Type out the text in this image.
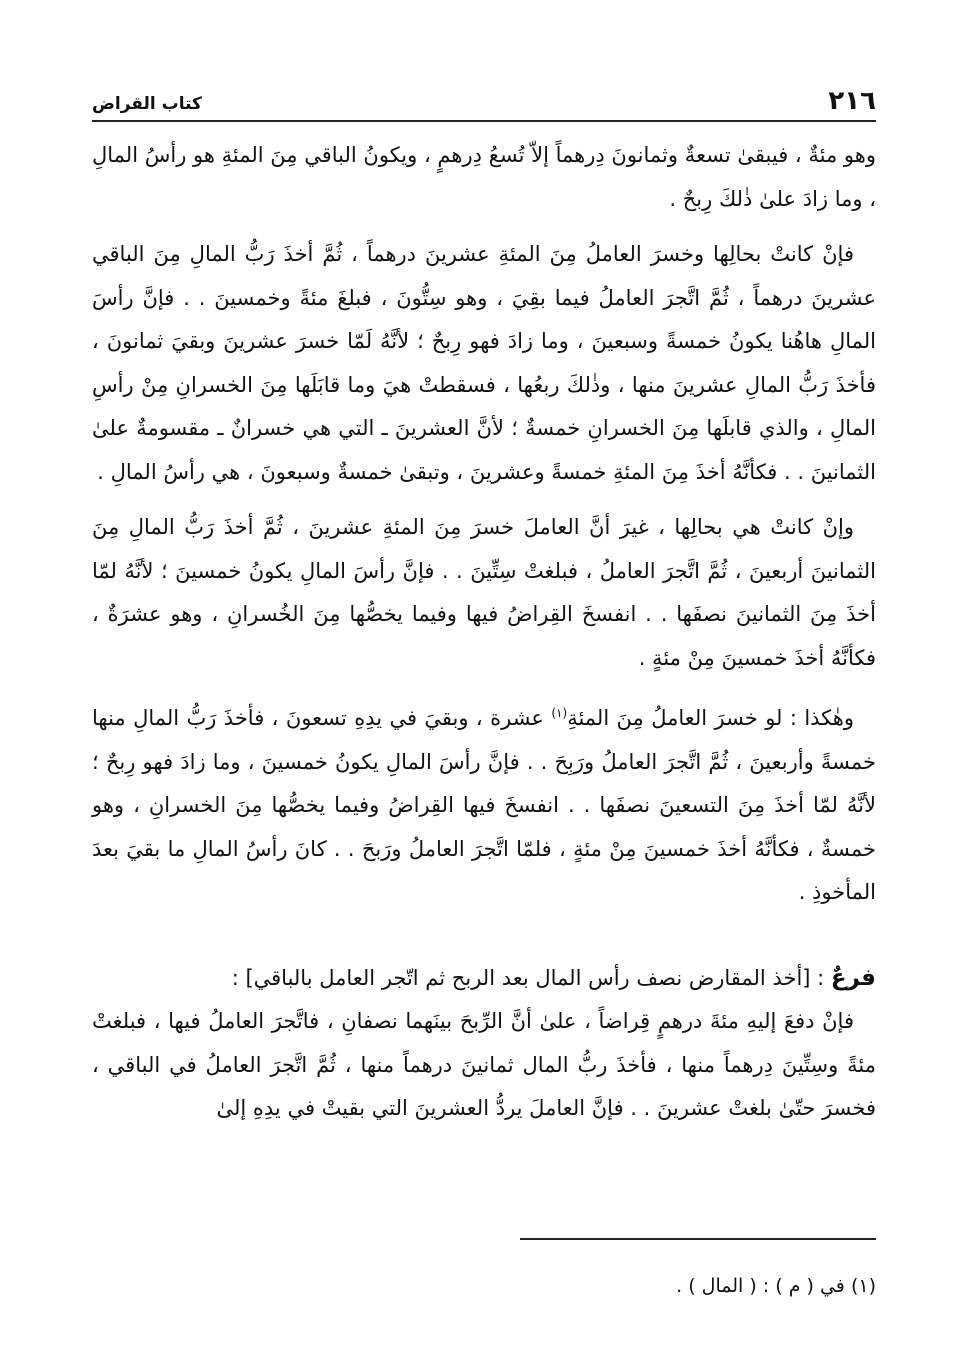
٢١٦
كتاب القراض

وهو مئةٌ ، فيبقىٰ تسعةٌ وثمانونَ دِرهماً إلاّ تُسعُ دِرهمٍ ، ويكونُ الباقي مِنَ المئةِ هو رأسُ المالِ ، وما زادَ علىٰ ذٰلكَ رِبحٌ .

فإنْ كانتْ بحالِها وخسرَ العاملُ مِنَ المئةِ عشرينَ درهماً ، ثُمَّ أخذَ رَبُّ المالِ مِنَ الباقي عشرينَ درهماً ، ثُمَّ اتَّجرَ العاملُ فيما بقِيَ ، وهو سِتُّونَ ، فبلغَ مئةً وخمسينَ . . فإنَّ رأسَ المالِ هاهُنا يكونُ خمسةً وسبعينَ ، وما زادَ فهو رِبحٌ ؛ لأنَّهُ لَمّا خسرَ عشرينَ وبقيَ ثمانونَ ، فأخذَ رَبُّ المالِ عشرينَ منها ، وذٰلكَ ربعُها ، فسقطتْ هيَ وما قابَلَها مِنَ الخسرانِ مِنْ رأسِ المالِ ، والذي قابلَها مِنَ الخسرانِ خمسةٌ ؛ لأنَّ العشرينَ ـ التي هي خسرانٌ ـ مقسومةٌ علىٰ الثمانينَ . . فكأنَّهُ أخذَ مِنَ المئةِ خمسةً وعشرينَ ، وتبقىٰ خمسةٌ وسبعونَ ، هي رأسُ المالِ .

وإنْ كانتْ هي بحالِها ، غيرَ أنَّ العاملَ خسرَ مِنَ المئةِ عشرينَ ، ثُمَّ أخذَ رَبُّ المالِ مِنَ الثمانينَ أربعينَ ، ثُمَّ اتَّجرَ العاملُ ، فبلغتْ سِتِّينَ . . فإنَّ رأسَ المالِ يكونُ خمسينَ ؛ لأنَّهُ لمّا أخذَ مِنَ الثمانينَ نصفَها . . انفسخَ القِراضُ فيها وفيما يخصُّها مِنَ الخُسرانِ ، وهو عشرَةٌ ، فكأنَّهُ أخذَ خمسينَ مِنْ مئةٍ .

وهٰكذا : لو خسرَ العاملُ مِنَ المئةِ$^{(١)}$ عشرة ، وبقيَ في يدِهِ تسعونَ ، فأخذَ رَبُّ المالِ منها خمسةً وأربعينَ ، ثُمَّ اتَّجرَ العاملُ ورَبِحَ . . فإنَّ رأسَ المالِ يكونُ خمسينَ ، وما زادَ فهو رِبحٌ ؛ لأنَّهُ لمّا أخذَ مِنَ التسعينَ نصفَها . . انفسخَ فيها القِراضُ وفيما يخصُّها مِنَ الخسرانِ ، وهو خمسةٌ ، فكأنَّهُ أخذَ خمسينَ مِنْ مئةٍ ، فلمّا اتَّجرَ العاملُ ورَبحَ . . كانَ رأسُ المالِ ما بقيَ بعدَ المأخوذِ .

فرعٌ : [أخذ المقارض نصف رأس المال بعد الربح ثم اتّجر العامل بالباقي] :

فإنْ دفعَ إليهِ مئةَ درهمٍ قِراضاً ، علىٰ أنَّ الرِّبحَ بينَهما نصفانِ ، فاتَّجرَ العاملُ فيها ، فبلغتْ مئةً وسِتِّينَ دِرهماً منها ، فأخذَ ربُّ المال ثمانينَ درهماً منها ، ثُمَّ اتَّجرَ العاملُ في الباقي ، فخسرَ حتّىٰ بلغتْ عشرينَ . . فإنَّ العاملَ يردُّ العشرينَ التي بقيتْ في يدِهِ إلىٰ

(١) في ( م ) : ( المال ) .
